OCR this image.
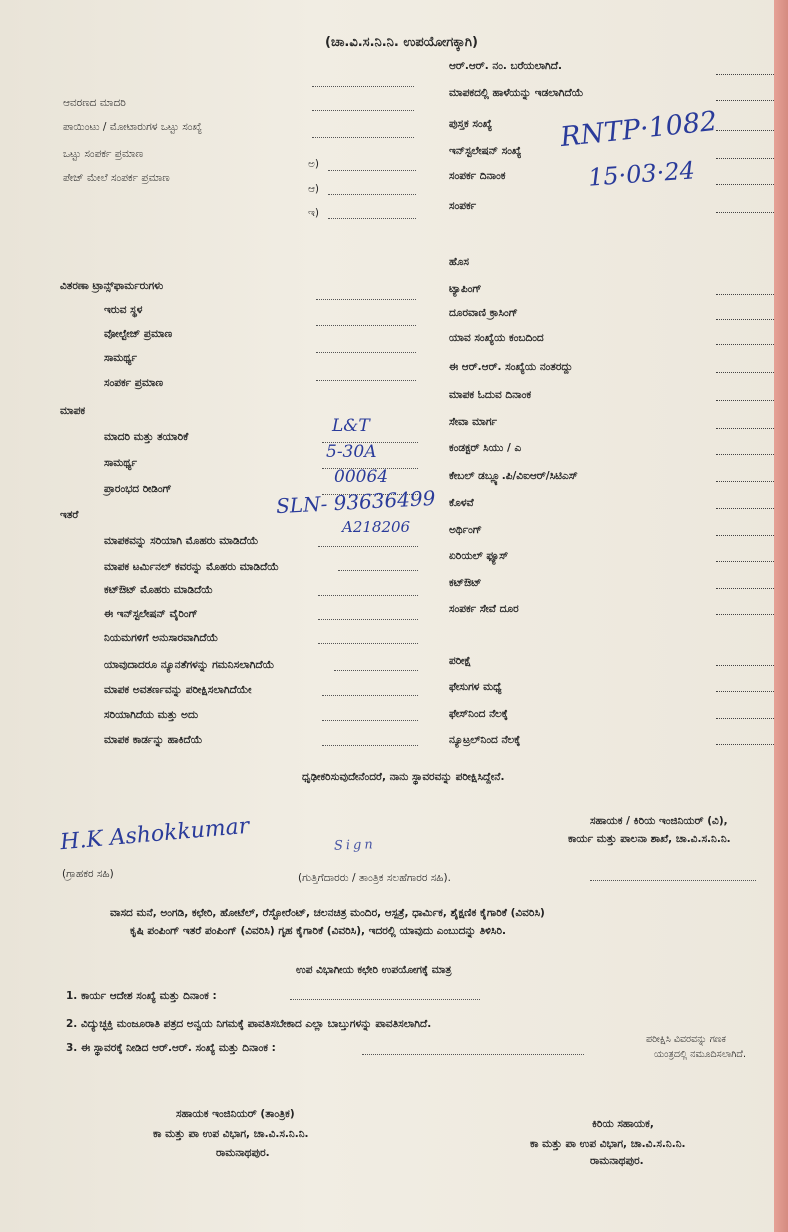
(ಚಾ.ವಿ.ಸ.ನಿ.ನಿ. ಉಪಯೋಗಕ್ಕಾಗಿ)
ಆವರಣದ ಮಾದರಿ
ಪಾಯಿಂಟು / ಮೋಟಾರುಗಳ ಒಟ್ಟು ಸಂಖ್ಯೆ
ಒಟ್ಟು ಸಂಪರ್ಕ ಪ್ರಮಾಣ
ಪೇಜ್ ಮೇಲೆ ಸಂಪರ್ಕ ಪ್ರಮಾಣ
ಅ)
ಆ)
ಇ)
ಆರ್.ಆರ್. ನಂ. ಬರೆಯಲಾಗಿದೆ.
ಮಾಪಕದಲ್ಲಿ ಹಾಳೆಯನ್ನು ಇಡಲಾಗಿದೆಯೆ
ಪುಸ್ತಕ ಸಂಖ್ಯೆ
ಇನ್‌ಸ್ಟಲೇಷನ್ ಸಂಖ್ಯೆ
ಸಂಪರ್ಕ ದಿನಾಂಕ
ಸಂಪರ್ಕ
RNTP·1082
15·03·24
ವಿತರಣಾ ಟ್ರಾನ್ಸ್‌ಫಾರ್ಮರುಗಳು
ಇರುವ ಸ್ಥಳ
ವೋಲ್ಟೇಜ್ ಪ್ರಮಾಣ
ಸಾಮರ್ಥ್ಯ
ಸಂಪರ್ಕ ಪ್ರಮಾಣ
ಮಾಪಕ
ಮಾದರಿ ಮತ್ತು ತಯಾರಿಕೆ
ಸಾಮರ್ಥ್ಯ
ಪ್ರಾರಂಭದ ರೀಡಿಂಗ್
ಇತರೆ
ಮಾಪಕವನ್ನು ಸರಿಯಾಗಿ ಮೊಹರು ಮಾಡಿದೆಯೆ
ಮಾಪಕ ಟರ್ಮಿನಲ್ ಕವರನ್ನು ಮೊಹರು ಮಾಡಿದೆಯೆ
ಕಟ್‌ಔಟ್ ಮೊಹರು ಮಾಡಿದೆಯೆ
ಈ ಇನ್‌ಸ್ಟಲೇಷನ್ ವೈರಿಂಗ್
ನಿಯಮಗಳಿಗೆ ಅನುಸಾರವಾಗಿದೆಯೆ
ಯಾವುದಾದರೂ ನ್ಯೂನತೆಗಳನ್ನು ಗಮನಿಸಲಾಗಿದೆಯೆ
ಮಾಪಕ ಅವತರ್ಣವನ್ನು ಪರೀಕ್ಷಿಸಲಾಗಿದೆಯೇ
ಸರಿಯಾಗಿದೆಯ ಮತ್ತು ಅದು
ಮಾಪಕ ಕಾರ್ಡನ್ನು ಹಾಕಿದೆಯೆ
L&T
5-30A
00064
SLN- 93636499
A218206
ಹೊಸ
ಟ್ಯಾಪಿಂಗ್
ದೂರವಾಣಿ ಕ್ರಾಸಿಂಗ್
ಯಾವ ಸಂಖ್ಯೆಯ ಕಂಬದಿಂದ
ಈ ಆರ್.ಆರ್. ಸಂಖ್ಯೆಯ ನಂತರದ್ದು
ಮಾಪಕ ಓದುವ ದಿನಾಂಕ
ಸೇವಾ ಮಾರ್ಗ
ಕಂಡಕ್ಟರ್ ಸಿಯು / ಎ
ಕೇಬಲ್ ಡಬ್ಲ್ಯೂ.ಪಿ/ವಿಐಆರ್/ಸಿಟಿಎಸ್
ಕೊಳವೆ
ಅರ್ಥಿಂಗ್
ಏರಿಯಲ್ ಫ್ಯೂಸ್
ಕಟ್‌ಔಟ್
ಸಂಪರ್ಕ ಸೇವೆ ದೂರ
ಪರೀಕ್ಷೆ
ಫೇಸುಗಳ ಮಧ್ಯೆ
ಫೇಸ್‌ನಿಂದ ನೆಲಕ್ಕೆ
ನ್ಯೂಟ್ರಲ್‌ನಿಂದ ನೆಲಕ್ಕೆ
ಧೃಢೀಕರಿಸುವುದೇನೆಂದರೆ, ನಾನು ಸ್ಥಾವರವನ್ನು ಪರೀಕ್ಷಿಸಿದ್ದೇನೆ.
ಸಹಾಯಕ / ಕಿರಿಯ ಇಂಜಿನಿಯರ್ (ವಿ),
ಕಾರ್ಯ ಮತ್ತು ಪಾಲನಾ ಶಾಖೆ, ಚಾ.ವಿ.ಸ.ನಿ.ನಿ.
H.K Ashokkumar	Sign
(ಗ್ರಾಹಕರ ಸಹಿ)	(ಗುತ್ತಿಗೆದಾರರು / ತಾಂತ್ರಿಕ ಸಲಹೆಗಾರರ ಸಹಿ).
ವಾಸದ ಮನೆ, ಅಂಗಡಿ, ಕಛೇರಿ, ಹೋಟೆಲ್, ರೆಸ್ಟೋರೆಂಟ್, ಚಲನಚಿತ್ರ ಮಂದಿರ, ಆಸ್ಪತ್ರೆ, ಧಾರ್ಮಿಕ, ಶೈಕ್ಷಣಿಕ ಕೈಗಾರಿಕೆ (ವಿವರಿಸಿ)
ಕೃಷಿ ಪಂಪಿಂಗ್ ಇತರೆ ಪಂಪಿಂಗ್ (ವಿವರಿಸಿ) ಗೃಹ ಕೈಗಾರಿಕೆ (ವಿವರಿಸಿ), ಇದರಲ್ಲಿ ಯಾವುದು ಎಂಬುದನ್ನು ತಿಳಿಸಿರಿ.
ಉಪ ವಿಭಾಗೀಯ ಕಛೇರಿ ಉಪಯೋಗಕ್ಕೆ ಮಾತ್ರ
1. ಕಾರ್ಯ ಆದೇಶ ಸಂಖ್ಯೆ ಮತ್ತು ದಿನಾಂಕ :
2. ವಿದ್ಯುಚ್ಛಕ್ತಿ ಮಂಜೂರಾತಿ ಪತ್ರದ ಅನ್ವಯ ನಿಗಮಕ್ಕೆ ಪಾವತಿಸಬೇಕಾದ ಎಲ್ಲಾ ಬಾಬ್ತುಗಳನ್ನು ಪಾವತಿಸಲಾಗಿದೆ.
3. ಈ ಸ್ಥಾವರಕ್ಕೆ ನೀಡಿದ ಆರ್.ಆರ್. ಸಂಖ್ಯೆ ಮತ್ತು ದಿನಾಂಕ :
ಪರೀಕ್ಷಿಸಿ ವಿವರವನ್ನು ಗಣಕ
ಯಂತ್ರದಲ್ಲಿ ನಮೂದಿಸಲಾಗಿದೆ.
ಸಹಾಯಕ ಇಂಜಿನಿಯರ್ (ತಾಂತ್ರಿಕ)
ಕಾ ಮತ್ತು ಪಾ ಉಪ ವಿಭಾಗ, ಚಾ.ವಿ.ಸ.ನಿ.ನಿ.
ರಾಮನಾಥಪುರ.
ಕಿರಿಯ ಸಹಾಯಕ,
ಕಾ ಮತ್ತು ಪಾ ಉಪ ವಿಭಾಗ, ಚಾ.ವಿ.ಸ.ನಿ.ನಿ.
ರಾಮನಾಥಪುರ.
